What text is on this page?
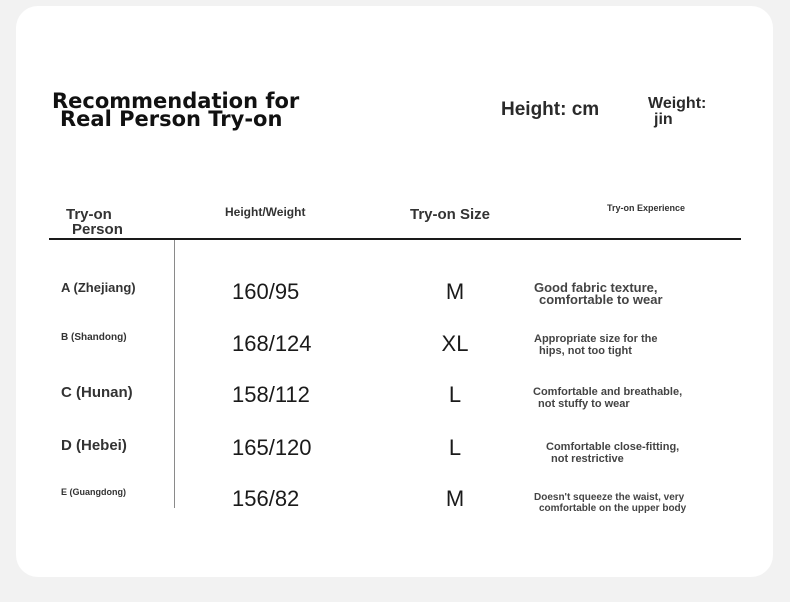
Recommendation for
Real Person Try-on	Height: cm	Weight:
jin
Try-on
Person
Height/Weight	Try-on Size	Try-on Experience
A (Zhejiang)	160/95	M	Good fabric texture,
comfortable to wear
B (Shandong)	168/124	XL	Appropriate size for the
hips, not too tight
C (Hunan)	158/112	L	Comfortable and breathable,
not stuffy to wear
D (Hebei)	165/120	L	Comfortable close-fitting,
not restrictive
E (Guangdong)	156/82	M	Doesn't squeeze the waist, very
comfortable on the upper body
